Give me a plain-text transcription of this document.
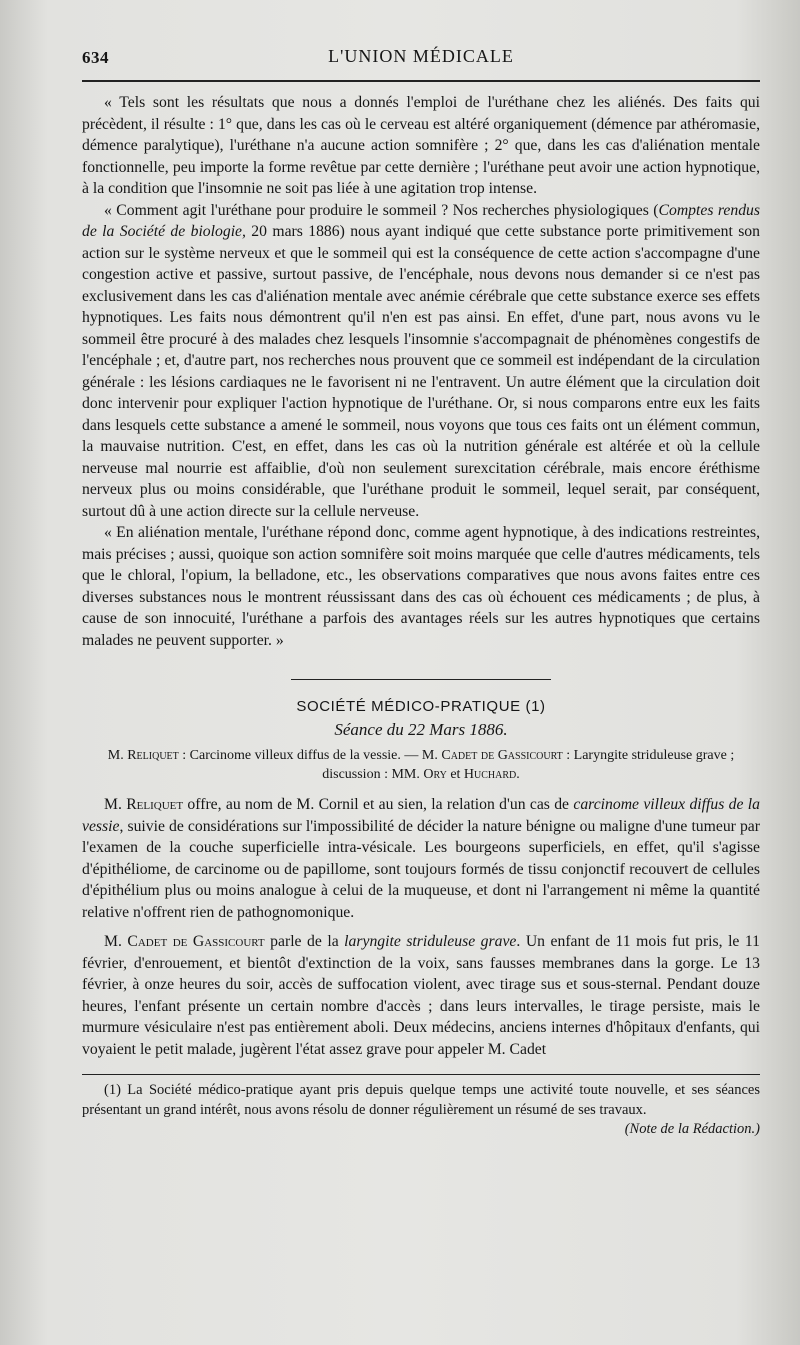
634	L'UNION MÉDICALE

« Tels sont les résultats que nous a donnés l'emploi de l'uréthane chez les aliénés. Des faits qui précèdent, il résulte : 1° que, dans les cas où le cerveau est altéré organiquement (démence par athéromasie, démence paralytique), l'uréthane n'a aucune action somnifère ; 2° que, dans les cas d'aliénation mentale fonctionnelle, peu importe la forme revêtue par cette dernière ; l'uréthane peut avoir une action hypnotique, à la condition que l'insomnie ne soit pas liée à une agitation trop intense.

« Comment agit l'uréthane pour produire le sommeil ? Nos recherches physiologiques (Comptes rendus de la Société de biologie, 20 mars 1886) nous ayant indiqué que cette substance porte primitivement son action sur le système nerveux et que le sommeil qui est la conséquence de cette action s'accompagne d'une congestion active et passive, surtout passive, de l'encéphale, nous devons nous demander si ce n'est pas exclusivement dans les cas d'aliénation mentale avec anémie cérébrale que cette substance exerce ses effets hypnotiques. Les faits nous démontrent qu'il n'en est pas ainsi. En effet, d'une part, nous avons vu le sommeil être procuré à des malades chez lesquels l'insomnie s'accompagnait de phénomènes congestifs de l'encéphale ; et, d'autre part, nos recherches nous prouvent que ce sommeil est indépendant de la circulation générale : les lésions cardiaques ne le favorisent ni ne l'entravent. Un autre élément que la circulation doit donc intervenir pour expliquer l'action hypnotique de l'uréthane. Or, si nous comparons entre eux les faits dans lesquels cette substance a amené le sommeil, nous voyons que tous ces faits ont un élément commun, la mauvaise nutrition. C'est, en effet, dans les cas où la nutrition générale est altérée et où la cellule nerveuse mal nourrie est affaiblie, d'où non seulement surexcitation cérébrale, mais encore éréthisme nerveux plus ou moins considérable, que l'uréthane produit le sommeil, lequel serait, par conséquent, surtout dû à une action directe sur la cellule nerveuse.

« En aliénation mentale, l'uréthane répond donc, comme agent hypnotique, à des indications restreintes, mais précises ; aussi, quoique son action somnifère soit moins marquée que celle d'autres médicaments, tels que le chloral, l'opium, la belladone, etc., les observations comparatives que nous avons faites entre ces diverses substances nous le montrent réussissant dans des cas où échouent ces médicaments ; de plus, à cause de son innocuité, l'uréthane a parfois des avantages réels sur les autres hypnotiques que certains malades ne peuvent supporter. »

SOCIÉTÉ MÉDICO-PRATIQUE (1)
Séance du 22 Mars 1886.
M. Reliquet : Carcinome villeux diffus de la vessie. — M. Cadet de Gassicourt : Laryngite striduleuse grave ; discussion : MM. Ory et Huchard.

M. Reliquet offre, au nom de M. Cornil et au sien, la relation d'un cas de carcinome villeux diffus de la vessie, suivie de considérations sur l'impossibilité de décider la nature bénigne ou maligne d'une tumeur par l'examen de la couche superficielle intra-vésicale. Les bourgeons superficiels, en effet, qu'il s'agisse d'épithéliome, de carcinome ou de papillome, sont toujours formés de tissu conjonctif recouvert de cellules d'épithélium plus ou moins analogue à celui de la muqueuse, et dont ni l'arrangement ni même la quantité relative n'offrent rien de pathognomonique.

M. Cadet de Gassicourt parle de la laryngite striduleuse grave. Un enfant de 11 mois fut pris, le 11 février, d'enrouement, et bientôt d'extinction de la voix, sans fausses membranes dans la gorge. Le 13 février, à onze heures du soir, accès de suffocation violent, avec tirage sus et sous-sternal. Pendant douze heures, l'enfant présente un certain nombre d'accès ; dans leurs intervalles, le tirage persiste, mais le murmure vésiculaire n'est pas entièrement aboli. Deux médecins, anciens internes d'hôpitaux d'enfants, qui voyaient le petit malade, jugèrent l'état assez grave pour appeler M. Cadet

(1) La Société médico-pratique ayant pris depuis quelque temps une activité toute nouvelle, et ses séances présentant un grand intérêt, nous avons résolu de donner régulièrement un résumé de ses travaux.
(Note de la Rédaction.)
